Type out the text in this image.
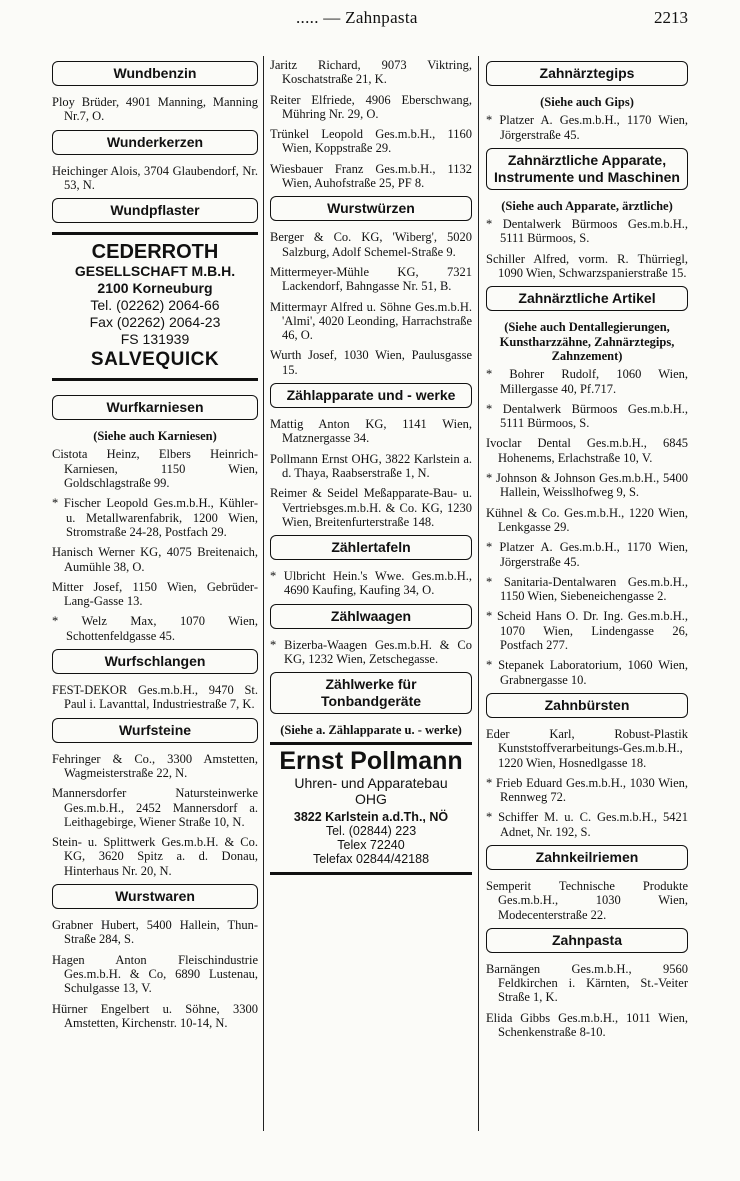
..... — Zahnpasta	2213
Wundbenzin

Ploy Brüder, 4901 Manning, Manning Nr.7, O.

Wunderkerzen

Heichinger Alois, 3704 Glaubendorf, Nr. 53, N.

Wundpflaster
CEDERROTH
GESELLSCHAFT M.B.H.
2100 Korneuburg
Tel. (02262) 2064-66
Fax (02262) 2064-23
FS 131939
SALVEQUICK
Wurfkarniesen

(Siehe auch Karniesen)

Cistota Heinz, Elbers Heinrich-Karniesen, 1150 Wien, Goldschlagstraße 99.

* Fischer Leopold Ges.m.b.H., Kühler- u. Metallwarenfabrik, 1200 Wien, Stromstraße 24-28, Postfach 29.

Hanisch Werner KG, 4075 Breitenaich, Aumühle 38, O.

Mitter Josef, 1150 Wien, Gebrüder-Lang-Gasse 13.

* Welz Max, 1070 Wien, Schottenfeldgasse 45.

Wurfschlangen

FEST-DEKOR Ges.m.b.H., 9470 St. Paul i. Lavanttal, Industriestraße 7, K.

Wurfsteine

Fehringer & Co., 3300 Amstetten, Wagmeisterstraße 22, N.

Mannersdorfer Natursteinwerke Ges.m.b.H., 2452 Mannersdorf a. Leithagebirge, Wiener Straße 10, N.

Stein- u. Splittwerk Ges.m.b.H. & Co. KG, 3620 Spitz a. d. Donau, Hinterhaus Nr. 20, N.

Wurstwaren

Grabner Hubert, 5400 Hallein, Thun-Straße 284, S.

Hagen Anton Fleischindustrie Ges.m.b.H. & Co, 6890 Lustenau, Schulgasse 13, V.

Hürner Engelbert u. Söhne, 3300 Amstetten, Kirchenstr. 10-14, N.

Jaritz Richard, 9073 Viktring, Koschatstraße 21, K.

Reiter Elfriede, 4906 Eberschwang, Mühring Nr. 29, O.

Trünkel Leopold Ges.m.b.H., 1160 Wien, Koppstraße 29.

Wiesbauer Franz Ges.m.b.H., 1132 Wien, Auhofstraße 25, PF 8.

Wurstwürzen

Berger & Co. KG, 'Wiberg', 5020 Salzburg, Adolf Schemel-Straße 9.

Mittermeyer-Mühle KG, 7321 Lackendorf, Bahngasse Nr. 51, B.

Mittermayr Alfred u. Söhne Ges.m.b.H. 'Almi', 4020 Leonding, Harrachstraße 46, O.

Wurth Josef, 1030 Wien, Paulusgasse 15.

Zählapparate und - werke

Mattig Anton KG, 1141 Wien, Matznergasse 34.

Pollmann Ernst OHG, 3822 Karlstein a. d. Thaya, Raabserstraße 1, N.

Reimer & Seidel Meßapparate-Bau- u. Vertriebsges.m.b.H. & Co. KG, 1230 Wien, Breitenfurterstraße 148.

Zählertafeln

* Ulbricht Hein.'s Wwe. Ges.m.b.H., 4690 Kaufing, Kaufing 34, O.

Zählwaagen

* Bizerba-Waagen Ges.m.b.H. & Co KG, 1232 Wien, Zetschegasse.

Zählwerke für Tonbandgeräte

(Siehe a. Zählapparate u. - werke)

Ernst Pollmann
Uhren- und Apparatebau
OHG
3822 Karlstein a.d.Th., NÖ
Tel. (02844) 223
Telex 72240
Telefax 02844/42188
Zahnärztegips

(Siehe auch Gips)

* Platzer A. Ges.m.b.H., 1170 Wien, Jörgerstraße 45.

Zahnärztliche Apparate, Instrumente und Maschinen

(Siehe auch Apparate, ärztliche)

* Dentalwerk Bürmoos Ges.m.b.H., 5111 Bürmoos, S.

Schiller Alfred, vorm. R. Thürriegl, 1090 Wien, Schwarzspanierstraße 15.

Zahnärztliche Artikel

(Siehe auch Dentallegierungen, Kunstharzzähne, Zahnärztegips, Zahnzement)

* Bohrer Rudolf, 1060 Wien, Millergasse 40, Pf.717.

* Dentalwerk Bürmoos Ges.m.b.H., 5111 Bürmoos, S.

Ivoclar Dental Ges.m.b.H., 6845 Hohenems, Erlachstraße 10, V.

* Johnson & Johnson Ges.m.b.H., 5400 Hallein, Weisslhofweg 9, S.

Kühnel & Co. Ges.m.b.H., 1220 Wien, Lenkgasse 29.

* Platzer A. Ges.m.b.H., 1170 Wien, Jörgerstraße 45.

* Sanitaria-Dentalwaren Ges.m.b.H., 1150 Wien, Siebeneichengasse 2.

* Scheid Hans O. Dr. Ing. Ges.m.b.H., 1070 Wien, Lindengasse 26, Postfach 277.

* Stepanek Laboratorium, 1060 Wien, Grabnergasse 10.

Zahnbürsten

Eder Karl, Robust-Plastik Kunststoffverarbeitungs-Ges.m.b.H., 1220 Wien, Hosnedlgasse 18.

* Frieb Eduard Ges.m.b.H., 1030 Wien, Rennweg 72.

* Schiffer M. u. C. Ges.m.b.H., 5421 Adnet, Nr. 192, S.

Zahnkeilriemen

Semperit Technische Produkte Ges.m.b.H., 1030 Wien, Modecenterstraße 22.

Zahnpasta

Barnängen Ges.m.b.H., 9560 Feldkirchen i. Kärnten, St.-Veiter Straße 1, K.

Elida Gibbs Ges.m.b.H., 1011 Wien, Schenkenstraße 8-10.
